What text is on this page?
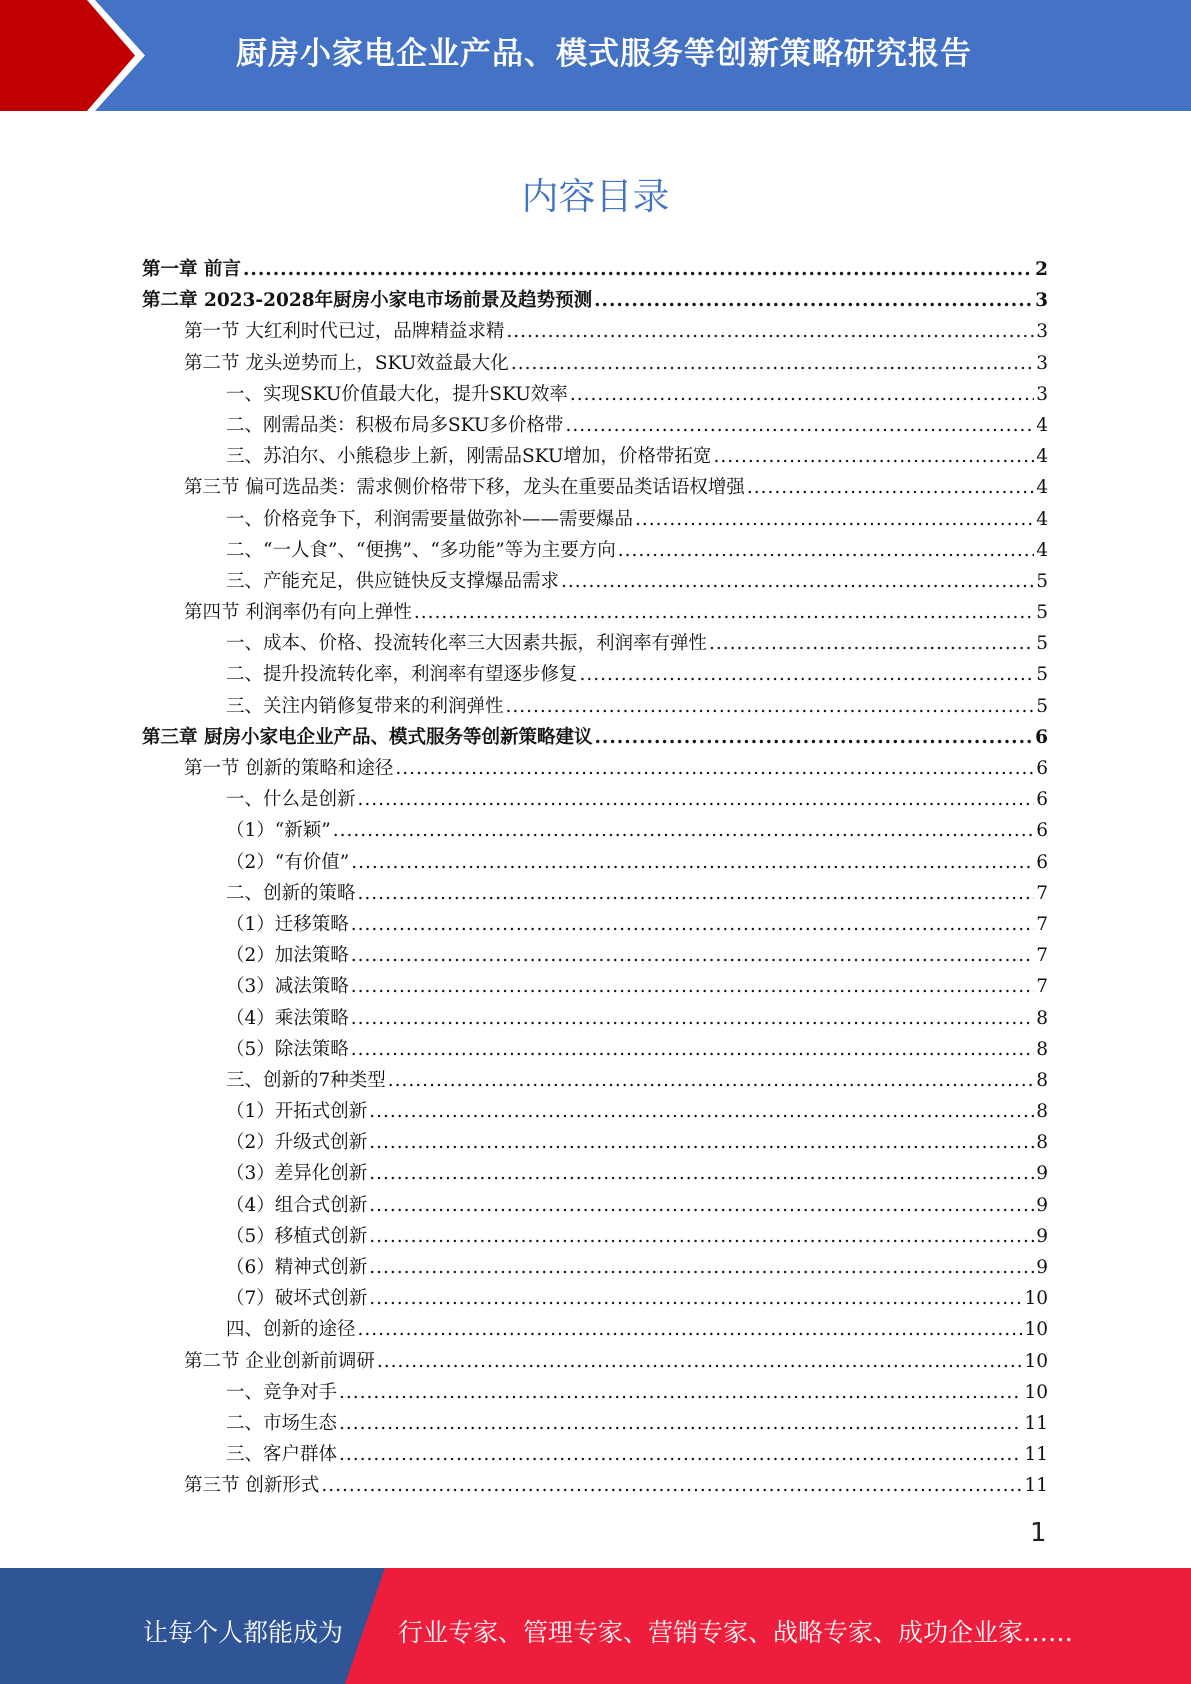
厨房小家电企业产品、模式服务等创新策略研究报告
内容目录
第一章 前言 .....	2
第二章 2023-2028年厨房小家电市场前景及趋势预测 .....	3
第一节 大红利时代已过，品牌精益求精 .....	3
第二节 龙头逆势而上，SKU效益最大化 .....	3
一、实现SKU价值最大化，提升SKU效率 .....	3
二、刚需品类：积极布局多SKU多价格带 .....	4
三、苏泊尔、小熊稳步上新，刚需品SKU增加，价格带拓宽 .....	4
第三节 偏可选品类：需求侧价格带下移，龙头在重要品类话语权增强 .....	4
一、价格竞争下，利润需要量做弥补——需要爆品 .....	4
二、“一人食”、“便携”、“多功能”等为主要方向 .....	4
三、产能充足，供应链快反支撑爆品需求 .....	5
第四节 利润率仍有向上弹性 .....	5
一、成本、价格、投流转化率三大因素共振，利润率有弹性 .....	5
二、提升投流转化率，利润率有望逐步修复 .....	5
三、关注内销修复带来的利润弹性 .....	5
第三章 厨房小家电企业产品、模式服务等创新策略建议 .....	6
第一节 创新的策略和途径 .....	6
一、什么是创新 .....	6
（1）“新颖” .....	6
（2）“有价值” .....	6
二、创新的策略 .....	7
（1）迁移策略 .....	7
（2）加法策略 .....	7
（3）减法策略 .....	7
（4）乘法策略 .....	8
（5）除法策略 .....	8
三、创新的7种类型 .....	8
（1）开拓式创新 .....	8
（2）升级式创新 .....	8
（3）差异化创新 .....	9
（4）组合式创新 .....	9
（5）移植式创新 .....	9
（6）精神式创新 .....	9
（7）破坏式创新 .....	10
四、创新的途径 .....	10
第二节 企业创新前调研 .....	10
一、竞争对手 .....	10
二、市场生态 .....	11
三、客户群体 .....	11
第三节 创新形式 .....	11
1
让每个人都能成为 行业专家、管理专家、营销专家、战略专家、成功企业家……
